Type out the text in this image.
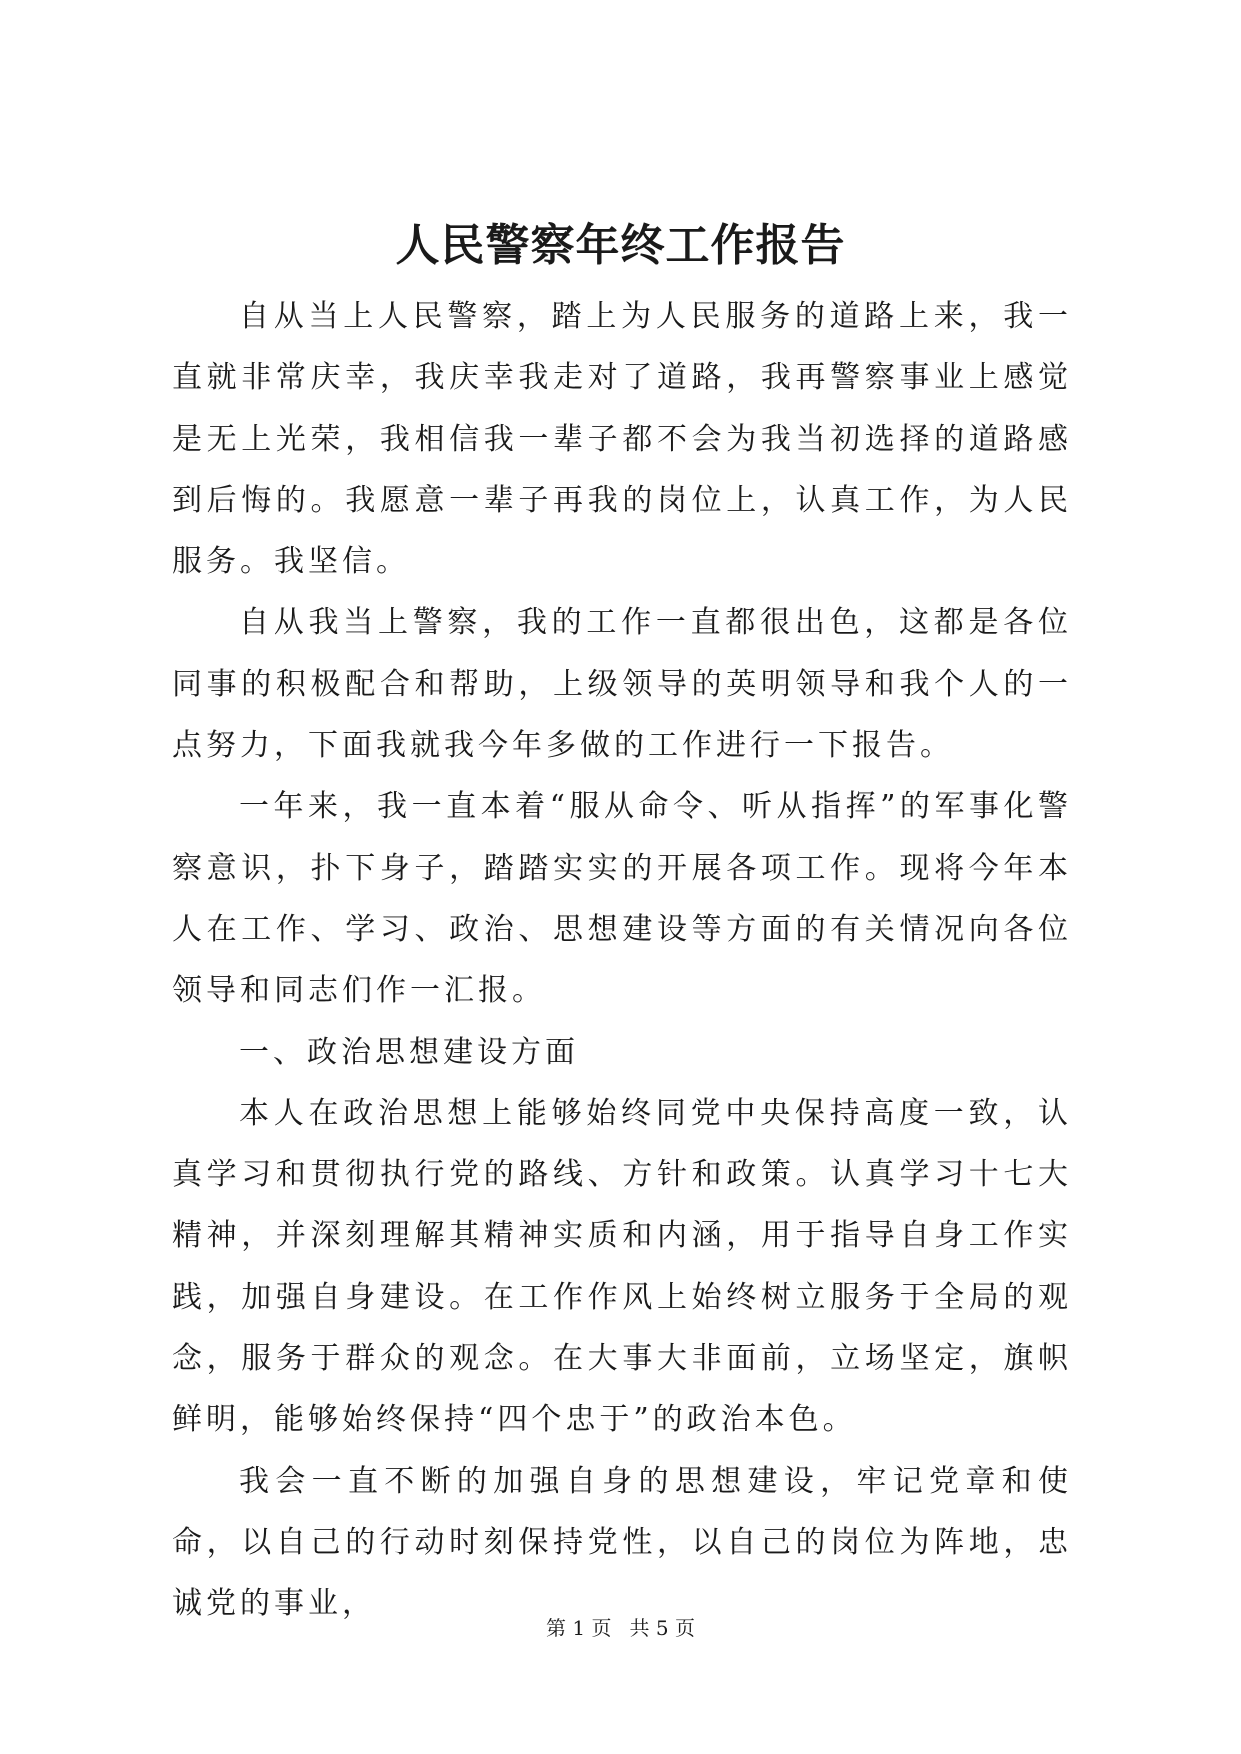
人民警察年终工作报告

自从当上人民警察，踏上为人民服务的道路上来，我一直就非常庆幸，我庆幸我走对了道路，我再警察事业上感觉是无上光荣，我相信我一辈子都不会为我当初选择的道路感到后悔的。我愿意一辈子再我的岗位上，认真工作，为人民服务。我坚信。

自从我当上警察，我的工作一直都很出色，这都是各位同事的积极配合和帮助，上级领导的英明领导和我个人的一点努力，下面我就我今年多做的工作进行一下报告。

一年来，我一直本着“服从命令、听从指挥”的军事化警察意识，扑下身子，踏踏实实的开展各项工作。现将今年本人在工作、学习、政治、思想建设等方面的有关情况向各位领导和同志们作一汇报。

一、政治思想建设方面

本人在政治思想上能够始终同党中央保持高度一致，认真学习和贯彻执行党的路线、方针和政策。认真学习十七大精神，并深刻理解其精神实质和内涵，用于指导自身工作实践，加强自身建设。在工作作风上始终树立服务于全局的观念，服务于群众的观念。在大事大非面前，立场坚定，旗帜鲜明，能够始终保持“四个忠于”的政治本色。

我会一直不断的加强自身的思想建设，牢记党章和使命，以自己的行动时刻保持党性，以自己的岗位为阵地，忠诚党的事业，

第 1 页 共 5 页
